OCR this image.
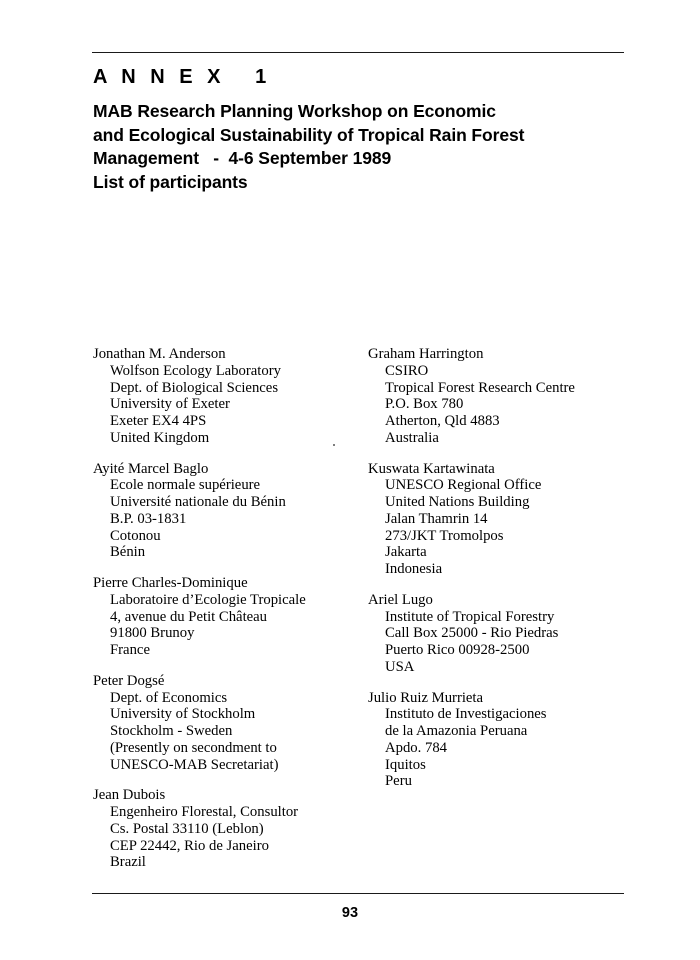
A N N E X   1
MAB Research Planning Workshop on Economic
and Ecological Sustainability of Tropical Rain Forest
Management   -  4-6 September 1989
List of participants
Jonathan M. Anderson
Wolfson Ecology Laboratory
Dept. of Biological Sciences
University of Exeter
Exeter EX4 4PS
United Kingdom
Ayité Marcel Baglo
Ecole normale supérieure
Université nationale du Bénin
B.P. 03-1831
Cotonou
Bénin
Pierre Charles-Dominique
Laboratoire d’Ecologie Tropicale
4, avenue du Petit Château
91800 Brunoy
France
Peter Dogsé
Dept. of Economics
University of Stockholm
Stockholm - Sweden
(Presently on secondment to
UNESCO-MAB Secretariat)
Jean Dubois
Engenheiro Florestal, Consultor
Cs. Postal 33110 (Leblon)
CEP 22442, Rio de Janeiro
Brazil
Graham Harrington
CSIRO
Tropical Forest Research Centre
P.O. Box 780
Atherton, Qld 4883
Australia
Kuswata Kartawinata
UNESCO Regional Office
United Nations Building
Jalan Thamrin 14
273/JKT Tromolpos
Jakarta
Indonesia
Ariel Lugo
Institute of Tropical Forestry
Call Box 25000 - Rio Piedras
Puerto Rico 00928-2500
USA
Julio Ruiz Murrieta
Instituto de Investigaciones
de la Amazonia Peruana
Apdo. 784
Iquitos
Peru
93
